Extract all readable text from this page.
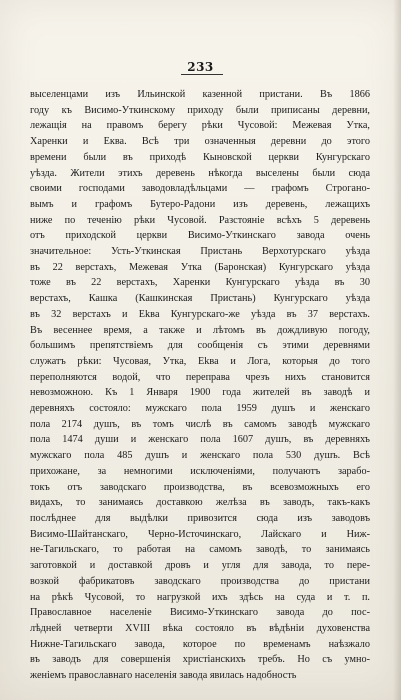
233
выселенцами изъ Ильинской казенной пристани. Въ 1866
году къ Висимо-Уткинскому приходу были приписаны деревни,
лежащія на правомъ берегу рѣки Чусовой: Межевая Утка,
Харенки и Еква. Всѣ три означенныя деревни до этого
времени были въ приходѣ Кыновской церкви Кунгурскаго
уѣзда. Жители этихъ деревень нѣкогда выселены были сюда
своими господами заводовладѣльцами — графомъ Строгано-
вымъ и графомъ Бутеро-Радони изъ деревень, лежащихъ
ниже по теченію рѣки Чусовой. Разстояніе всѣхъ 5 деревень
отъ приходской церкви Висимо-Уткинскаго завода очень
значительное: Усть-Уткинская Пристань Верхотурскаго уѣзда
въ 22 верстахъ, Межевая Утка (Баронская) Кунгурскаго уѣзда
тоже въ 22 верстахъ, Харенки Кунгурскаго уѣзда въ 30
верстахъ, Кашка (Кашкинская Пристань) Кунгурскаго уѣзда
въ 32 верстахъ и Ekвa Кунгурскаго-же уѣзда въ 37 верстахъ.
Въ весеннее время, а также и лѣтомъ въ дождливую погоду,
большимъ препятствіемъ для сообщенія съ этими деревнями
служатъ рѣки: Чусовая, Утка, Ekвa и Лога, которыя до того
переполняются водой, что переправа чрезъ нихъ становится
невозможною. Къ 1 Января 1900 года жителей въ заводѣ и
деревняхъ состояло: мужскаго пола 1959 душъ и женскаго
пола 2174 душъ, въ томъ числѣ въ самомъ заводѣ мужскаго
пола 1474 души и женскаго пола 1607 душъ, въ деревняхъ
мужскаго пола 485 душъ и женскаго пола 530 душъ. Всѣ
прихожане, за немногими исключеніями, получаютъ зарабо-
токъ отъ заводскаго производства, въ всевозможныхъ его
видахъ, то занимаясь доставкою желѣза въ заводъ, такъ-какъ
послѣднее для выдѣлки привозится сюда изъ заводовъ
Висимо-Шайтанскаго, Черно-Источинскаго, Лайскаго и Ниж-
не-Тагильскаго, то работая на самомъ заводѣ, то занимаясь
заготовкой и доставкой дровъ и угля для завода, то пере-
возкой фабрикатовъ заводскаго производства до пристани
на рѣкѣ Чусовой, то нагрузкой ихъ здѣсь на суда и т. п.
Православное населеніе Висимо-Уткинскаго завода до пос-
лѣдней четверти XVIII вѣка состояло въ вѣдѣніи духовенства
Нижне-Тагильскаго завода, которое по временамъ наѣзжало
въ заводъ для совершенія христіанскихъ требъ. Но съ умно-
женіемъ православнаго населенія завода явилась надобность
